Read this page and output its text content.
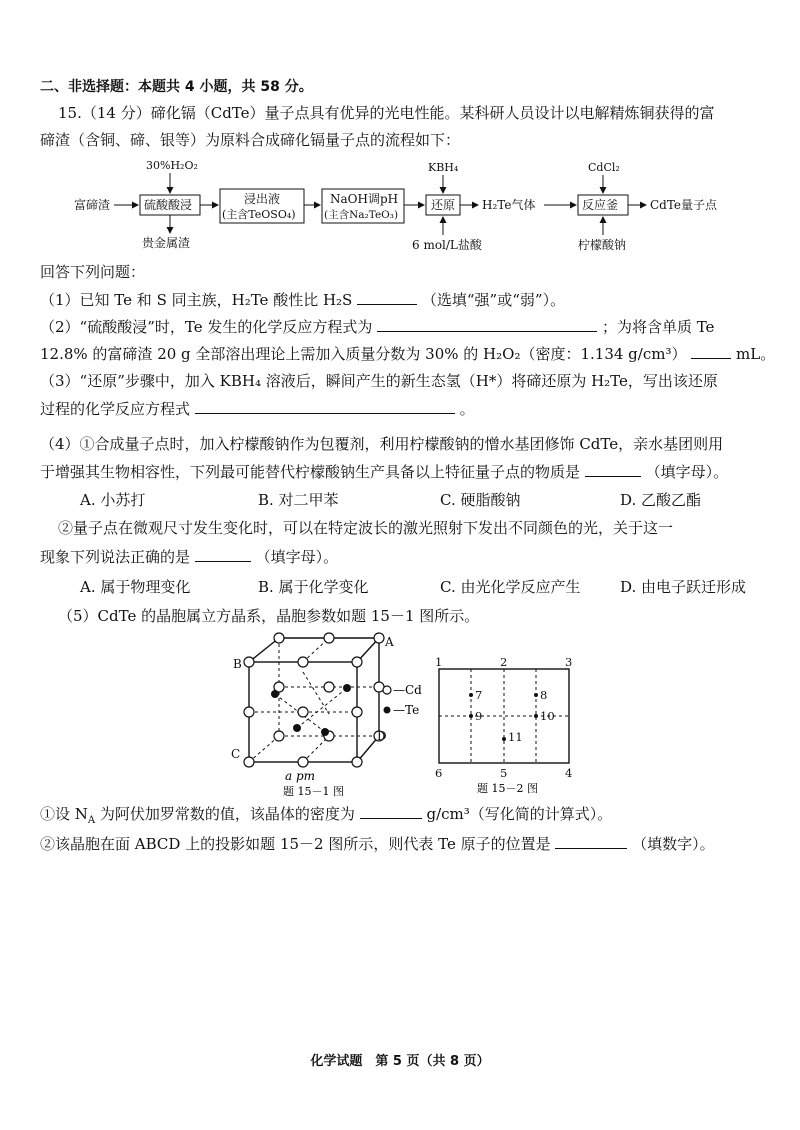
二、非选择题：本题共 4 小题，共 58 分。
15.（14 分）碲化镉（CdTe）量子点具有优异的光电性能。某科研人员设计以电解精炼铜获得的富
碲渣（含铜、碲、银等）为原料合成碲化镉量子点的流程如下：
富碲渣	硫酸酸浸
30%H₂O₂
贵金属渣
浸出液
(主含TeOSO₄)
NaOH调pH
(主含Na₂TeO₃)
还原
KBH₄
6 mol/L盐酸
H₂Te气体	反应釜
CdCl₂
柠檬酸钠
CdTe量子点
回答下列问题：
（1）已知 Te 和 S 同主族，H₂Te 酸性比 H₂S	（选填“强”或“弱”）。
（2）“硫酸酸浸”时，Te 发生的化学反应方程式为	；为将含单质 Te
12.8% 的富碲渣 20 g 全部溶出理论上需加入质量分数为 30% 的 H₂O₂（密度：1.134 g/cm³）	mL。
（3）“还原”步骤中，加入 KBH₄ 溶液后，瞬间产生的新生态氢（H*）将碲还原为 H₂Te，写出该还原
过程的化学反应方程式	。
（4）①合成量子点时，加入柠檬酸钠作为包覆剂，利用柠檬酸钠的憎水基团修饰 CdTe，亲水基团则用
于增强其生物相容性，下列最可能替代柠檬酸钠生产具备以上特征量子点的物质是	（填字母）。
A. 小苏打	B. 对二甲苯	C. 硬脂酸钠	D. 乙酸乙酯
②量子点在微观尺寸发生变化时，可以在特定波长的激光照射下发出不同颜色的光，关于这一
现象下列说法正确的是	（填字母）。
A. 属于物理变化	B. 属于化学变化	C. 由光化学反应产生	D. 由电子跃迁形成
（5）CdTe 的晶胞属立方晶系，晶胞参数如题 15－1 图所示。
A
B
C
D
—Cd
—Te
a pm
题 15－1 图
1	2	3
4
5
6
7	8
9	10
11
题 15－2 图
①设 $N_A$ 为阿伏加罗常数的值，该晶体的密度为	g/cm³（写化简的计算式）。
②该晶胞在面 ABCD 上的投影如题 15－2 图所示，则代表 Te 原子的位置是	（填数字）。
化学试题　第 5 页（共 8 页）
